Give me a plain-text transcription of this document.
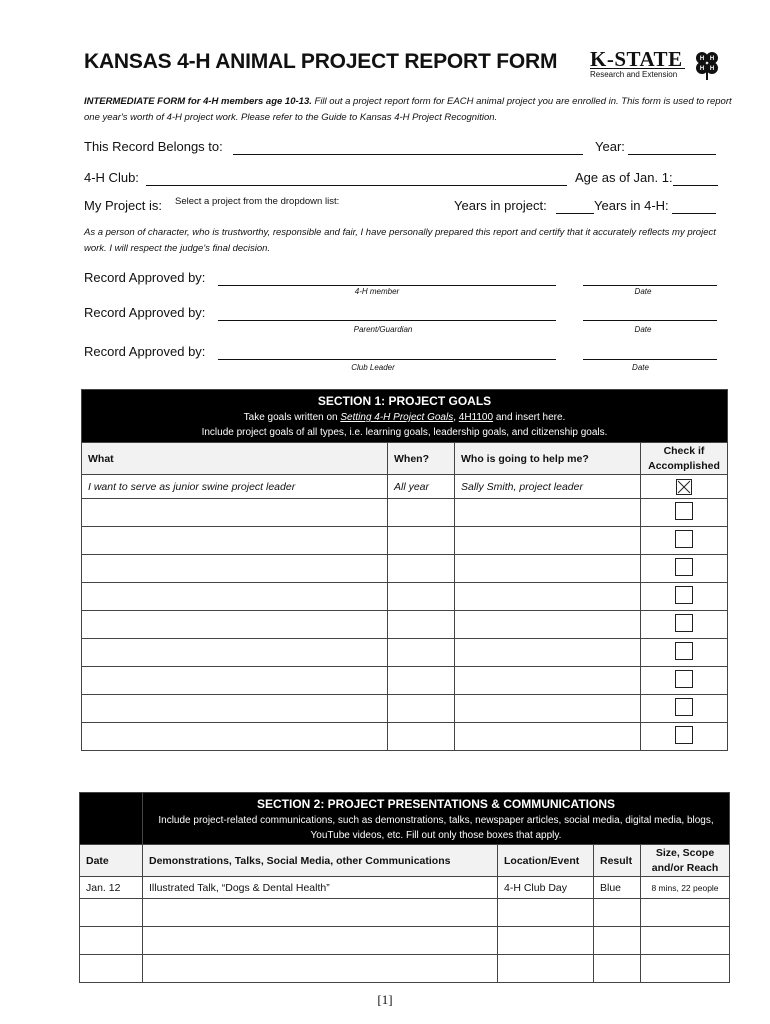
KANSAS 4-H ANIMAL PROJECT REPORT FORM K-STATE
Research and Extension
H H
H H
INTERMEDIATE FORM for 4-H members age 10-13. Fill out a project report form for EACH animal project you are enrolled in. This form is used to report one year's worth of 4-H project work. Please refer to the Guide to Kansas 4-H Project Recognition.
This Record Belongs to:	Year:
4-H Club:	Age as of Jan. 1:
My Project is: Select a project from the dropdown list:	Years in project:	Years in 4-H:
As a person of character, who is trustworthy, responsible and fair, I have personally prepared this report and certify that it accurately reflects my project work. I will respect the judge's final decision.
Record Approved by:
4-H member	Date
Record Approved by:
Parent/Guardian	Date
Record Approved by:
Club Leader	Date
SECTION 1: PROJECT GOALS
Take goals written on Setting 4-H Project Goals, 4H1100 and insert here.
Include project goals of all types, i.e. learning goals, leadership goals, and citizenship goals.			

What	When?	Who is going to help me?	Check if Accomplished
I want to serve as junior swine project leader	All year	Sally Smith, project leader	

	SECTION 2: PROJECT PRESENTATIONS & COMMUNICATIONS
Include project-related communications, such as demonstrations, talks, newspaper articles, social media, digital media, blogs, YouTube videos, etc. Fill out only those boxes that apply.			

Date	Demonstrations, Talks, Social Media, other Communications	Location/Event	Result	Size, Scope and/or Reach
Jan. 12	Illustrated Talk, “Dogs & Dental Health”	4-H Club Day	Blue	8 mins, 22 people

[1]
